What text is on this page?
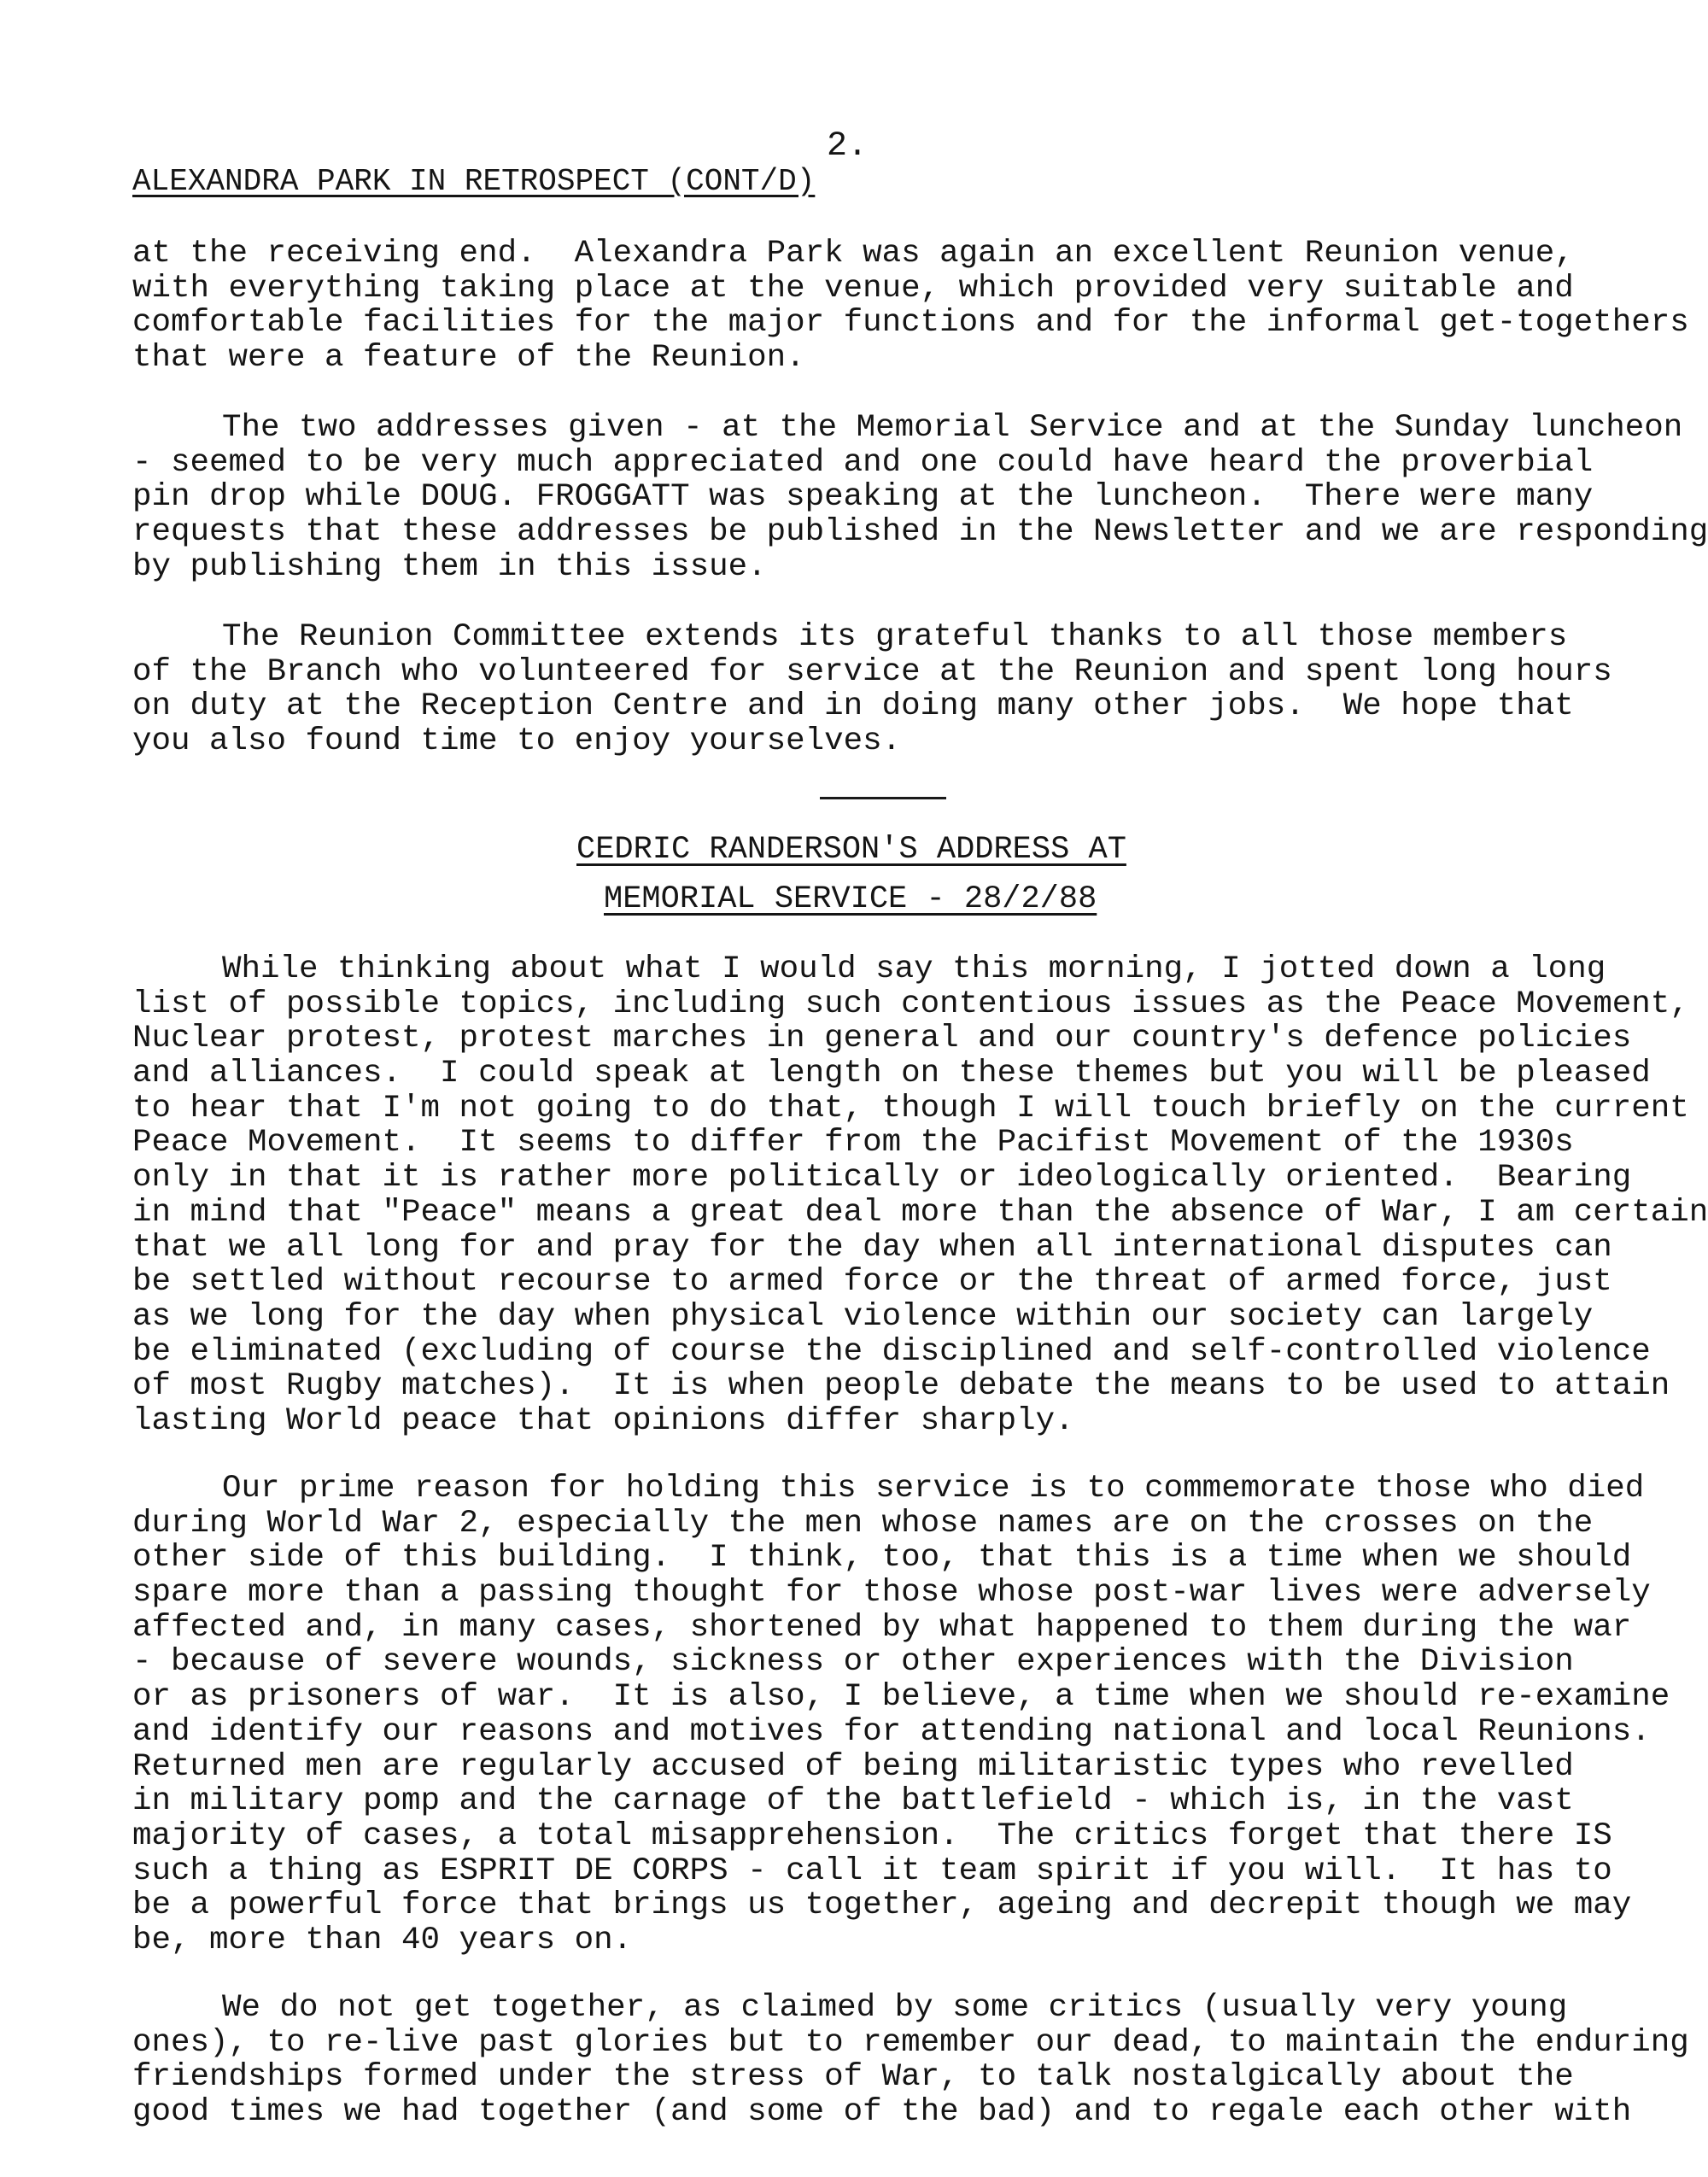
2.
ALEXANDRA PARK IN RETROSPECT (CONT/D)
at the receiving end.  Alexandra Park was again an excellent Reunion venue,
with everything taking place at the venue, which provided very suitable and
comfortable facilities for the major functions and for the informal get-togethers
that were a feature of the Reunion.
The two addresses given - at the Memorial Service and at the Sunday luncheon
- seemed to be very much appreciated and one could have heard the proverbial
pin drop while DOUG. FROGGATT was speaking at the luncheon.  There were many
requests that these addresses be published in the Newsletter and we are responding
by publishing them in this issue.
The Reunion Committee extends its grateful thanks to all those members
of the Branch who volunteered for service at the Reunion and spent long hours
on duty at the Reception Centre and in doing many other jobs.  We hope that
you also found time to enjoy yourselves.
CEDRIC RANDERSON'S ADDRESS AT
MEMORIAL SERVICE - 28/2/88
While thinking about what I would say this morning, I jotted down a long
list of possible topics, including such contentious issues as the Peace Movement,
Nuclear protest, protest marches in general and our country's defence policies
and alliances.  I could speak at length on these themes but you will be pleased
to hear that I'm not going to do that, though I will touch briefly on the current
Peace Movement.  It seems to differ from the Pacifist Movement of the 1930s
only in that it is rather more politically or ideologically oriented.  Bearing
in mind that "Peace" means a great deal more than the absence of War, I am certain
that we all long for and pray for the day when all international disputes can
be settled without recourse to armed force or the threat of armed force, just
as we long for the day when physical violence within our society can largely
be eliminated (excluding of course the disciplined and self-controlled violence
of most Rugby matches).  It is when people debate the means to be used to attain
lasting World peace that opinions differ sharply.
Our prime reason for holding this service is to commemorate those who died
during World War 2, especially the men whose names are on the crosses on the
other side of this building.  I think, too, that this is a time when we should
spare more than a passing thought for those whose post-war lives were adversely
affected and, in many cases, shortened by what happened to them during the war
- because of severe wounds, sickness or other experiences with the Division
or as prisoners of war.  It is also, I believe, a time when we should re-examine
and identify our reasons and motives for attending national and local Reunions.
Returned men are regularly accused of being militaristic types who revelled
in military pomp and the carnage of the battlefield - which is, in the vast
majority of cases, a total misapprehension.  The critics forget that there IS
such a thing as ESPRIT DE CORPS - call it team spirit if you will.  It has to
be a powerful force that brings us together, ageing and decrepit though we may
be, more than 40 years on.
We do not get together, as claimed by some critics (usually very young
ones), to re-live past glories but to remember our dead, to maintain the enduring
friendships formed under the stress of War, to talk nostalgically about the
good times we had together (and some of the bad) and to regale each other with
